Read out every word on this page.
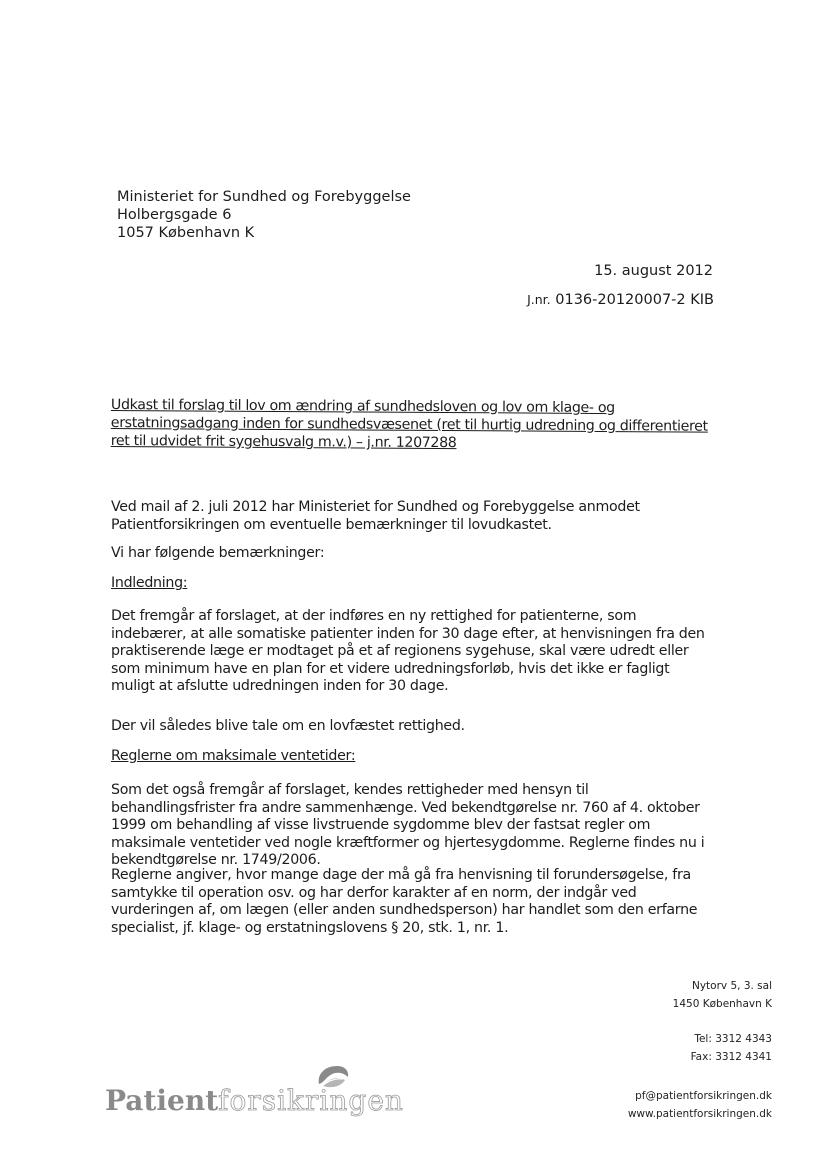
Ministeriet for Sundhed og Forebyggelse
Holbergsgade 6
1057 København K
15. august 2012
J.nr. 0136-20120007-2 KIB
Udkast til forslag til lov om ændring af sundhedsloven og lov om klage- og erstatningsadgang inden for sundhedsvæsenet (ret til hurtig udredning og differentieret ret til udvidet frit sygehusvalg m.v.) – j.nr. 1207288

Ved mail af 2. juli 2012 har Ministeriet for Sundhed og Forebyggelse anmodet Patientforsikringen om eventuelle bemærkninger til lovudkastet.

Vi har følgende bemærkninger:

Indledning:

Det fremgår af forslaget, at der indføres en ny rettighed for patienterne, som indebærer, at alle somatiske patienter inden for 30 dage efter, at henvisningen fra den praktiserende læge er modtaget på et af regionens sygehuse, skal være udredt eller som minimum have en plan for et videre udredningsforløb, hvis det ikke er fagligt muligt at afslutte udredningen inden for 30 dage.

Der vil således blive tale om en lovfæstet rettighed.

Reglerne om maksimale ventetider:

Som det også fremgår af forslaget, kendes rettigheder med hensyn til behandlingsfrister fra andre sammenhænge. Ved bekendtgørelse nr. 760 af 4. oktober 1999 om behandling af visse livstruende sygdomme blev der fastsat regler om maksimale ventetider ved nogle kræftformer og hjertesygdomme. Reglerne findes nu i bekendtgørelse nr. 1749/2006.

Reglerne angiver, hvor mange dage der må gå fra henvisning til forundersøgelse, fra samtykke til operation osv. og har derfor karakter af en norm, der indgår ved vurderingen af, om lægen (eller anden sundhedsperson) har handlet som den erfarne specialist, jf. klage- og erstatningslovens § 20, stk. 1, nr. 1.

Nytorv 5, 3. sal
1450 København K
Tel: 3312 4343
Fax: 3312 4341
pf@patientforsikringen.dk
www.patientforsikringen.dk
Patientforsikringen
